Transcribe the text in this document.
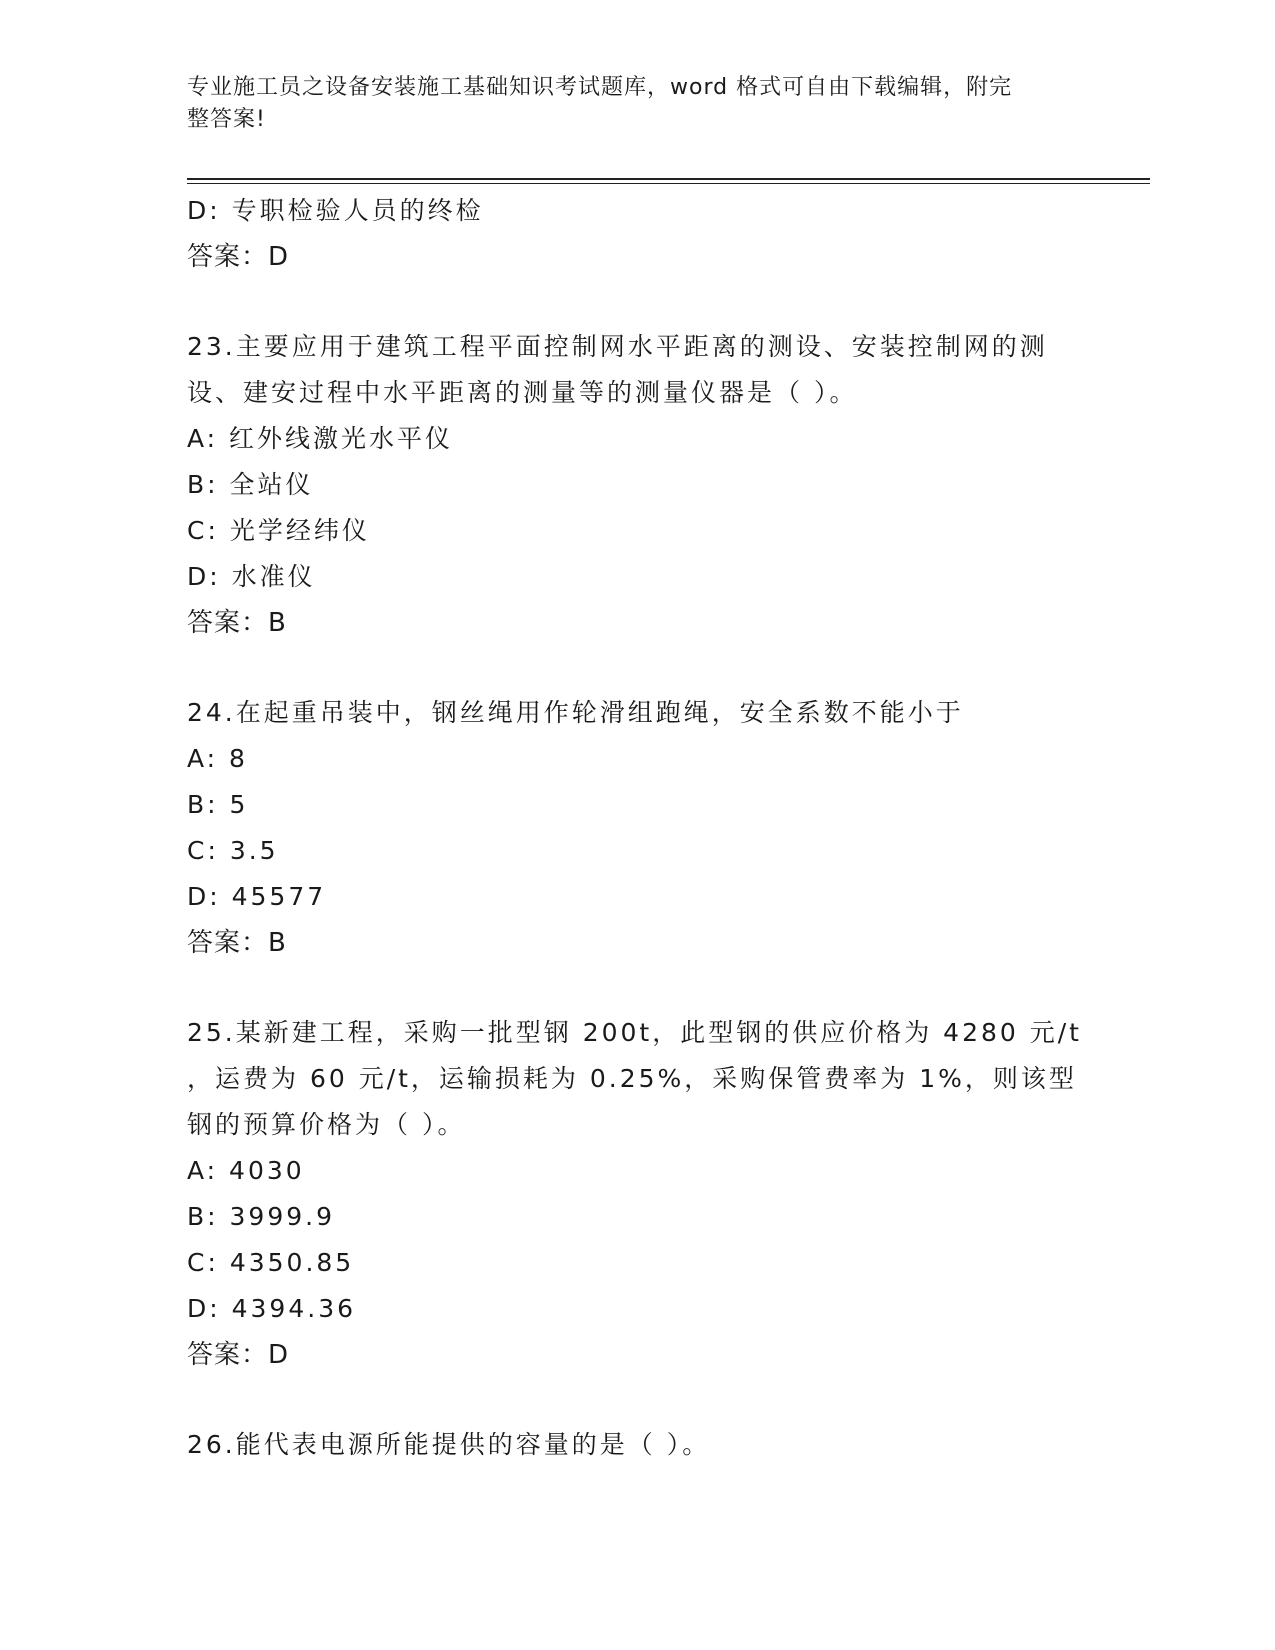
专业施工员之设备安装施工基础知识考试题库，word 格式可自由下载编辑，附完
整答案!
D: 专职检验人员的终检
答案：D
23.主要应用于建筑工程平面控制网水平距离的测设、安装控制网的测
设、建安过程中水平距离的测量等的测量仪器是（ ）。
A: 红外线激光水平仪
B: 全站仪
C: 光学经纬仪
D: 水准仪
答案：B
24.在起重吊装中，钢丝绳用作轮滑组跑绳，安全系数不能小于
A: 8
B: 5
C: 3.5
D: 45577
答案：B
25.某新建工程，采购一批型钢 200t，此型钢的供应价格为 4280 元/t
，运费为 60 元/t，运输损耗为 0.25%，采购保管费率为 1%，则该型
钢的预算价格为（ ）。
A: 4030
B: 3999.9
C: 4350.85
D: 4394.36
答案：D
26.能代表电源所能提供的容量的是（ ）。
